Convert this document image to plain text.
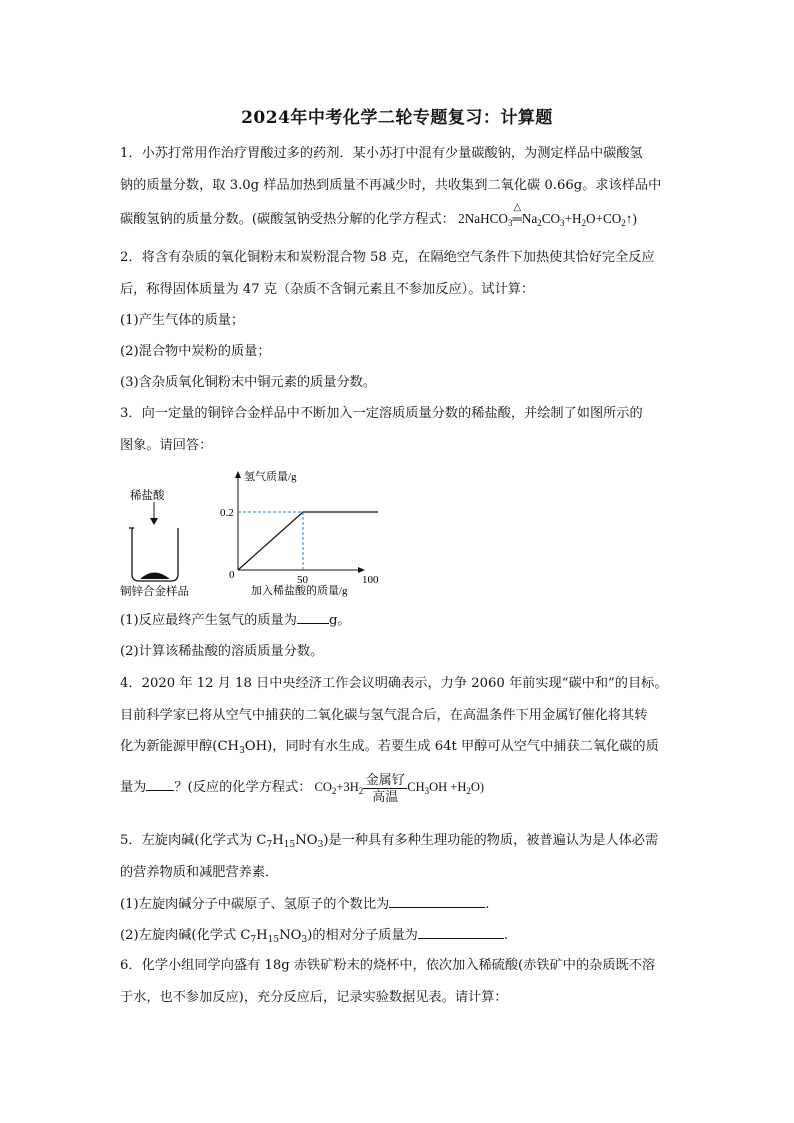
2024年中考化学二轮专题复习：计算题
1．小苏打常用作治疗胃酸过多的药剂．某小苏打中混有少量碳酸钠，为测定样品中碳酸氢
钠的质量分数，取 3.0g 样品加热到质量不再减少时，共收集到二氧化碳 0.66g。求该样品中
碳酸氢钠的质量分数。(碳酸氢钠受热分解的化学方程式： 2NaHCO$_3$
△
$═Na_2CO_3+H_2O+CO_2↑$)
2．将含有杂质的氧化铜粉末和炭粉混合物 58 克，在隔绝空气条件下加热使其恰好完全反应
后，称得固体质量为 47 克（杂质不含铜元素且不参加反应）。试计算：
(1)产生气体的质量；
(2)混合物中炭粉的质量；
(3)含杂质氧化铜粉末中铜元素的质量分数。
3．向一定量的铜锌合金样品中不断加入一定溶质质量分数的稀盐酸，并绘制了如图所示的
图象。请回答：
稀盐酸
铜锌合金样品
氢气质量/g
加入稀盐酸的质量/g
0
0.2
50	100
(1)反应最终产生氢气的质量为 g。
(2)计算该稀盐酸的溶质质量分数。
4．2020 年 12 月 18 日中央经济工作会议明确表示，力争 2060 年前实现“碳中和”的目标。
目前科学家已将从空气中捕获的二氧化碳与氢气混合后，在高温条件下用金属钌催化将其转
化为新能源甲醇$(CH_3OH)$，同时有水生成。若要生成 64t 甲醇可从空气中捕获二氧化碳的质
量为 ？(反应的化学方程式： $CO_2+3H_2 \frac{\text{金属钌}}{\text{高温}} CH_3OH +H_2O$)
5．左旋肉碱(化学式为 $C_7H_{15}NO_3$)是一种具有多种生理功能的物质，被普遍认为是人体必需
的营养物质和减肥营养素．
(1)左旋肉碱分子中碳原子、氢原子的个数比为	.
(2)左旋肉碱(化学式 $C_7H_{15}NO_3$)的相对分子质量为	.
6．化学小组同学向盛有 18g 赤铁矿粉末的烧杯中，依次加入稀硫酸(赤铁矿中的杂质既不溶
于水，也不参加反应)，充分反应后，记录实验数据见表。请计算：
